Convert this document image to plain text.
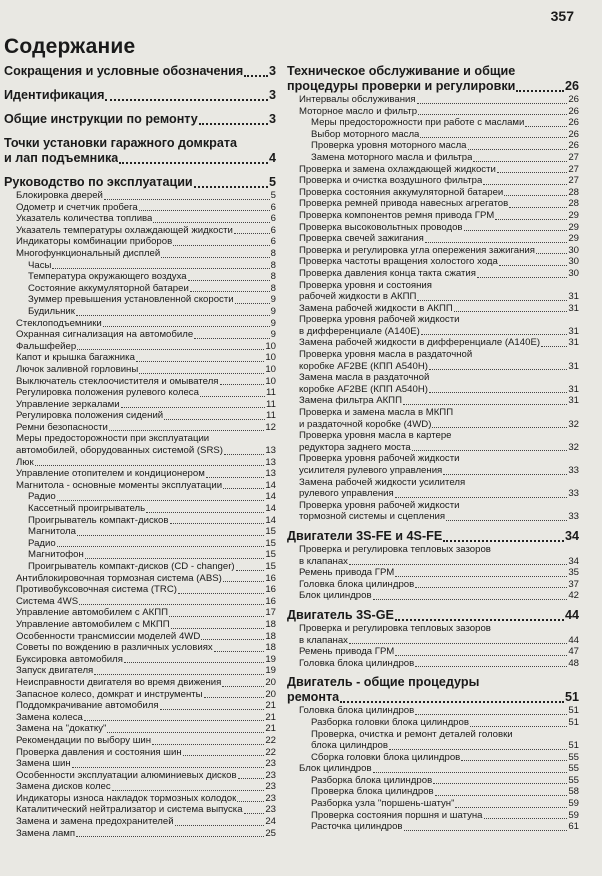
357
Содержание
Сокращения и условные обозначения 3
Идентификация	3
Общие инструкции по ремонту	3
Точки установки гаражного домкрата
и лап подъемника	4
Руководство по эксплуатации	5
Блокировка дверей	5
Одометр и счетчик пробега	6
Указатель количества топлива	6
Указатель температуры охлаждающей жидкости	6
Индикаторы комбинации приборов	6
Многофункциональный дисплей	8
Часы	8
Температура окружающего воздуха	8
Состояние аккумуляторной батареи	8
Зуммер превышения установленной скорости	9
Будильник	9
Стеклоподъемники	9
Охранная сигнализация на автомобиле	9
Фальшфейер	10
Капот и крышка багажника	10
Лючок заливной горловины	10
Выключатель стеклоочистителя и омывателя	10
Регулировка положения рулевого колеса	11
Управление зеркалами	11
Регулировка положения сидений	11
Ремни безопасности	12
Меры предосторожности при эксплуатации
автомобилей, оборудованных системой (SRS)	13
Люк	13
Управление отопителем и кондиционером	13
Магнитола - основные моменты эксплуатации	14
Радио	14
Кассетный проигрыватель	14
Проигрыватель компакт-дисков	14
Магнитола	15
Радио	15
Магнитофон	15
Проигрыватель компакт-дисков (CD - changer)	15
Антиблокировочная тормозная система (ABS)	16
Противобуксовочная система (TRC)	16
Система 4WS	16
Управление автомобилем с АКПП	17
Управление автомобилем с МКПП	18
Особенности трансмиссии моделей 4WD	18
Советы по вождению в различных условиях	18
Буксировка автомобиля	19
Запуск двигателя	19
Неисправности двигателя во время движения	20
Запасное колесо, домкрат и инструменты	20
Поддомкрачивание автомобиля	21
Замена колеса	21
Замена на "докатку"	21
Рекомендации по выбору шин	22
Проверка давления и состояния шин	22
Замена шин	23
Особенности эксплуатации алюминиевых дисков	23
Замена дисков колес	23
Индикаторы износа накладок тормозных колодок	23
Каталитический нейтрализатор и система выпуска 23
Замена и замена предохранителей	24
Замена ламп	25
Техническое обслуживание и общие
процедуры проверки и регулировки	26
Интервалы обслуживания	26
Моторное масло и фильтр	26
Меры предосторожности при работе с маслами	26
Выбор моторного масла	26
Проверка уровня моторного масла	26
Замена моторного масла и фильтра	27
Проверка и замена охлаждающей жидкости	27
Проверка и очистка воздушного фильтра	27
Проверка состояния аккумуляторной батареи	28
Проверка ремней привода навесных агрегатов	28
Проверка компонентов ремня привода ГРМ	29
Проверка высоковольтных проводов	29
Проверка свечей зажигания	29
Проверка и регулировка угла опережения зажигания	30
Проверка частоты вращения холостого хода	30
Проверка давления конца такта сжатия	30
Проверка уровня и состояния
рабочей жидкости в АКПП	31
Замена рабочей жидкости в АКПП	31
Проверка уровня рабочей жидкости
в дифференциале (A140E)	31
Замена рабочей жидкости в дифференциале (A140E)	31
Проверка уровня масла в раздаточной
коробке AF2BE (КПП A540H)	31
Замена масла в раздаточной
коробке AF2BE (КПП A540H)	31
Замена фильтра АКПП	31
Проверка и замена масла в МКПП
и раздаточной коробке (4WD)	32
Проверка уровня масла в картере
редуктора заднего моста	32
Проверка уровня рабочей жидкости
усилителя рулевого управления	33
Замена рабочей жидкости усилителя
рулевого управления	33
Проверка уровня рабочей жидкости
тормозной системы и сцепления	33
Двигатели 3S-FE и 4S-FE	34
Проверка и регулировка тепловых зазоров
в клапанах	34
Ремень привода ГРМ	35
Головка блока цилиндров	37
Блок цилиндров	42
Двигатель 3S-GE	44
Проверка и регулировка тепловых зазоров
в клапанах	44
Ремень привода ГРМ	47
Головка блока цилиндров	48
Двигатель - общие процедуры
ремонта	51
Головка блока цилиндров	51
Разборка головки блока цилиндров	51
Проверка, очистка и ремонт деталей головки
блока цилиндров	51
Сборка головки блока цилиндров	55
Блок цилиндров	55
Разборка блока цилиндров	55
Проверка блока цилиндров	58
Разборка узла "поршень-шатун"	59
Проверка состояния поршня и шатуна	59
Расточка цилиндров	61
